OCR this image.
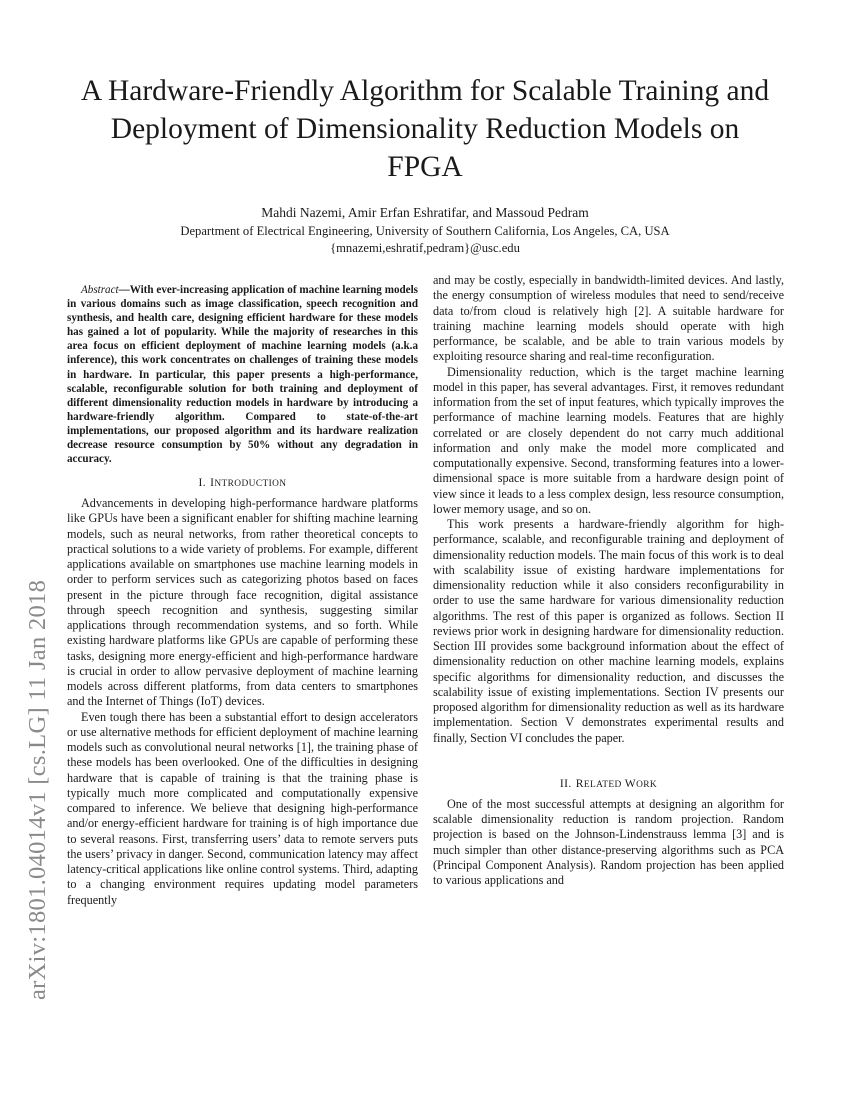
A Hardware-Friendly Algorithm for Scalable Training and Deployment of Dimensionality Reduction Models on FPGA
Mahdi Nazemi, Amir Erfan Eshratifar, and Massoud Pedram
Department of Electrical Engineering, University of Southern California, Los Angeles, CA, USA
{mnazemi,eshratif,pedram}@usc.edu
arXiv:1801.04014v1 [cs.LG] 11 Jan 2018

Abstract—With ever-increasing application of machine learning models in various domains such as image classification, speech recognition and synthesis, and health care, designing efficient hardware for these models has gained a lot of popularity. While the majority of researches in this area focus on efficient deployment of machine learning models (a.k.a inference), this work concentrates on challenges of training these models in hardware. In particular, this paper presents a high-performance, scalable, reconfigurable solution for both training and deployment of different dimensionality reduction models in hardware by introducing a hardware-friendly algorithm. Compared to state-of-the-art implementations, our proposed algorithm and its hardware realization decrease resource consumption by 50% without any degradation in accuracy.

I. INTRODUCTION

Advancements in developing high-performance hardware platforms like GPUs have been a significant enabler for shifting machine learning models, such as neural networks, from rather theoretical concepts to practical solutions to a wide variety of problems. For example, different applications available on smartphones use machine learning models in order to perform services such as categorizing photos based on faces present in the picture through face recognition, digital assistance through speech recognition and synthesis, suggesting similar applications through recommendation systems, and so forth. While existing hardware platforms like GPUs are capable of performing these tasks, designing more energy-efficient and high-performance hardware is crucial in order to allow pervasive deployment of machine learning models across different platforms, from data centers to smartphones and the Internet of Things (IoT) devices.

Even tough there has been a substantial effort to design accelerators or use alternative methods for efficient deployment of machine learning models such as convolutional neural networks [1], the training phase of these models has been overlooked. One of the difficulties in designing hardware that is capable of training is that the training phase is typically much more complicated and computationally expensive compared to inference. We believe that designing high-performance and/or energy-efficient hardware for training is of high importance due to several reasons. First, transferring users’ data to remote servers puts the users’ privacy in danger. Second, communication latency may affect latency-critical applications like online control systems. Third, adapting to a changing environment requires updating model parameters frequently

and may be costly, especially in bandwidth-limited devices. And lastly, the energy consumption of wireless modules that need to send/receive data to/from cloud is relatively high [2]. A suitable hardware for training machine learning models should operate with high performance, be scalable, and be able to train various models by exploiting resource sharing and real-time reconfiguration.

Dimensionality reduction, which is the target machine learning model in this paper, has several advantages. First, it removes redundant information from the set of input features, which typically improves the performance of machine learning models. Features that are highly correlated or are closely dependent do not carry much additional information and only make the model more complicated and computationally expensive. Second, transforming features into a lower-dimensional space is more suitable from a hardware design point of view since it leads to a less complex design, less resource consumption, lower memory usage, and so on.

This work presents a hardware-friendly algorithm for high-performance, scalable, and reconfigurable training and deployment of dimensionality reduction models. The main focus of this work is to deal with scalability issue of existing hardware implementations for dimensionality reduction while it also considers reconfigurability in order to use the same hardware for various dimensionality reduction algorithms. The rest of this paper is organized as follows. Section II reviews prior work in designing hardware for dimensionality reduction. Section III provides some background information about the effect of dimensionality reduction on other machine learning models, explains specific algorithms for dimensionality reduction, and discusses the scalability issue of existing implementations. Section IV presents our proposed algorithm for dimensionality reduction as well as its hardware implementation. Section V demonstrates experimental results and finally, Section VI concludes the paper.

II. RELATED WORK

One of the most successful attempts at designing an algorithm for scalable dimensionality reduction is random projection. Random projection is based on the Johnson-Lindenstrauss lemma [3] and is much simpler than other distance-preserving algorithms such as PCA (Principal Component Analysis). Random projection has been applied to various applications and
